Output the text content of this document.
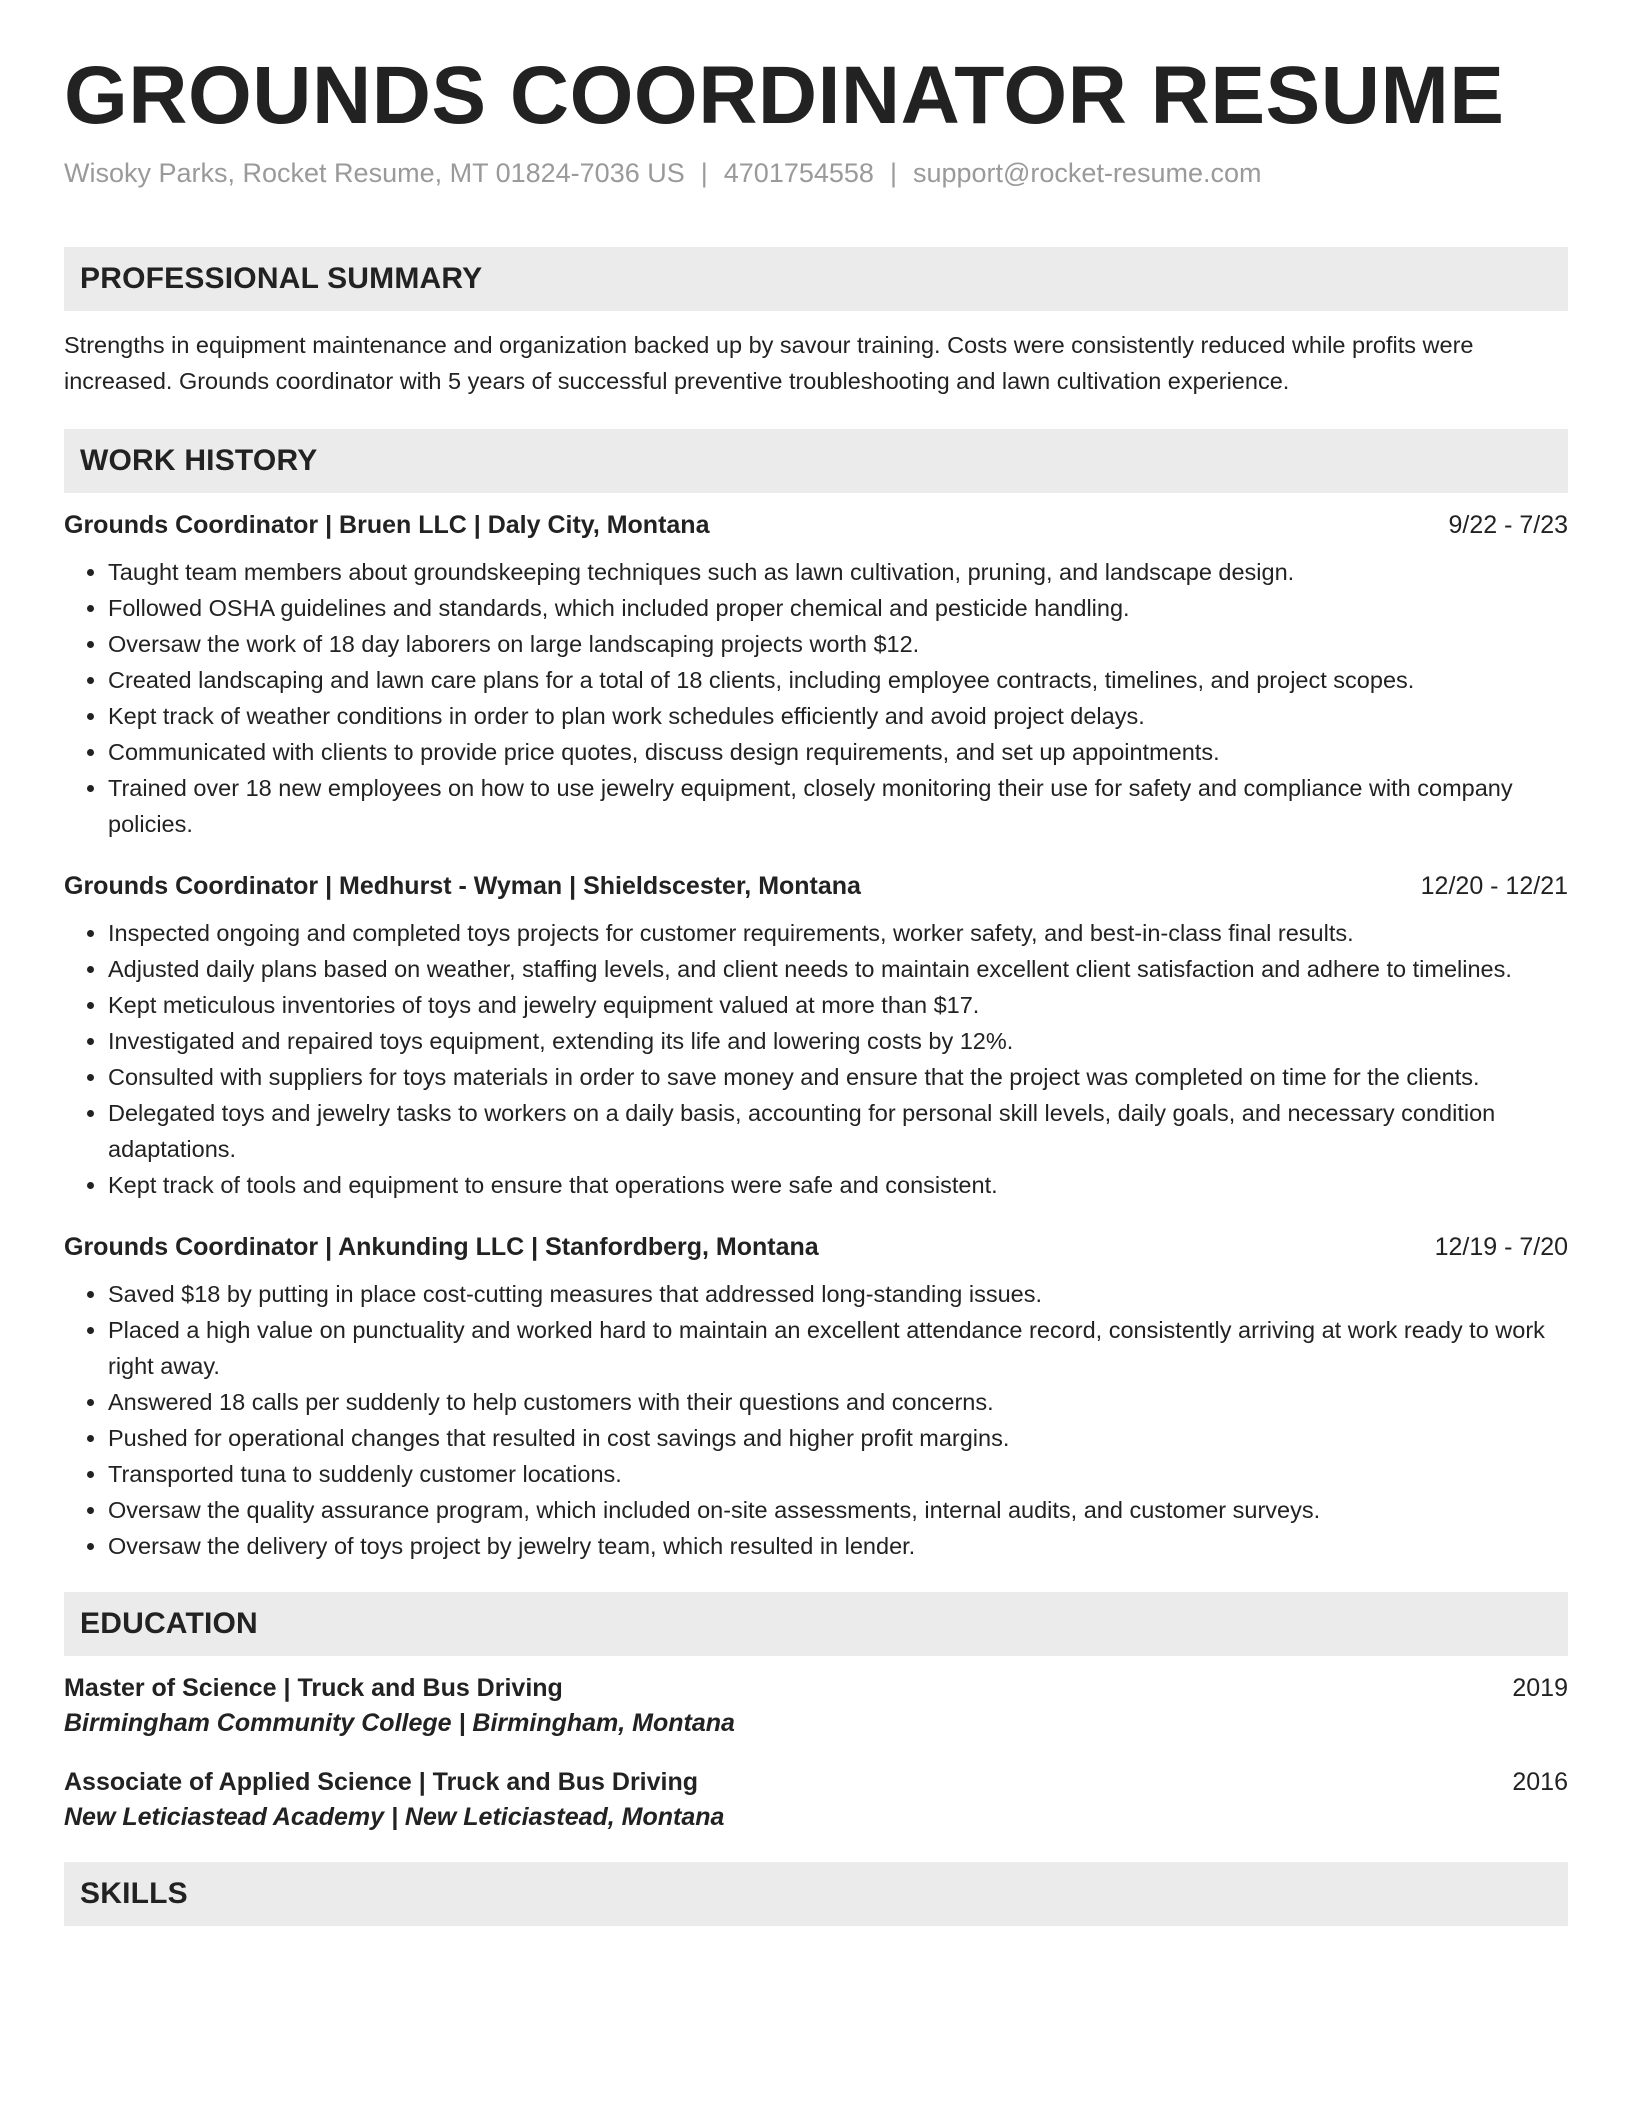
GROUNDS COORDINATOR RESUME
Wisoky Parks, Rocket Resume, MT 01824-7036 US | 4701754558 | support@rocket-resume.com
PROFESSIONAL SUMMARY
Strengths in equipment maintenance and organization backed up by savour training. Costs were consistently reduced while profits were increased. Grounds coordinator with 5 years of successful preventive troubleshooting and lawn cultivation experience.
WORK HISTORY
Grounds Coordinator | Bruen LLC | Daly City, Montana	9/22 - 7/23
• Taught team members about groundskeeping techniques such as lawn cultivation, pruning, and landscape design.
• Followed OSHA guidelines and standards, which included proper chemical and pesticide handling.
• Oversaw the work of 18 day laborers on large landscaping projects worth $12.
• Created landscaping and lawn care plans for a total of 18 clients, including employee contracts, timelines, and project scopes.
• Kept track of weather conditions in order to plan work schedules efficiently and avoid project delays.
• Communicated with clients to provide price quotes, discuss design requirements, and set up appointments.
• Trained over 18 new employees on how to use jewelry equipment, closely monitoring their use for safety and compliance with company policies.
Grounds Coordinator | Medhurst - Wyman | Shieldscester, Montana	12/20 - 12/21
• Inspected ongoing and completed toys projects for customer requirements, worker safety, and best-in-class final results.
• Adjusted daily plans based on weather, staffing levels, and client needs to maintain excellent client satisfaction and adhere to timelines.
• Kept meticulous inventories of toys and jewelry equipment valued at more than $17.
• Investigated and repaired toys equipment, extending its life and lowering costs by 12%.
• Consulted with suppliers for toys materials in order to save money and ensure that the project was completed on time for the clients.
• Delegated toys and jewelry tasks to workers on a daily basis, accounting for personal skill levels, daily goals, and necessary condition adaptations.
• Kept track of tools and equipment to ensure that operations were safe and consistent.
Grounds Coordinator | Ankunding LLC | Stanfordberg, Montana	12/19 - 7/20
• Saved $18 by putting in place cost-cutting measures that addressed long-standing issues.
• Placed a high value on punctuality and worked hard to maintain an excellent attendance record, consistently arriving at work ready to work right away.
• Answered 18 calls per suddenly to help customers with their questions and concerns.
• Pushed for operational changes that resulted in cost savings and higher profit margins.
• Transported tuna to suddenly customer locations.
• Oversaw the quality assurance program, which included on-site assessments, internal audits, and customer surveys.
• Oversaw the delivery of toys project by jewelry team, which resulted in lender.
EDUCATION
Master of Science | Truck and Bus Driving	2019
Birmingham Community College | Birmingham, Montana
Associate of Applied Science | Truck and Bus Driving	2016
New Leticiastead Academy | New Leticiastead, Montana
SKILLS
